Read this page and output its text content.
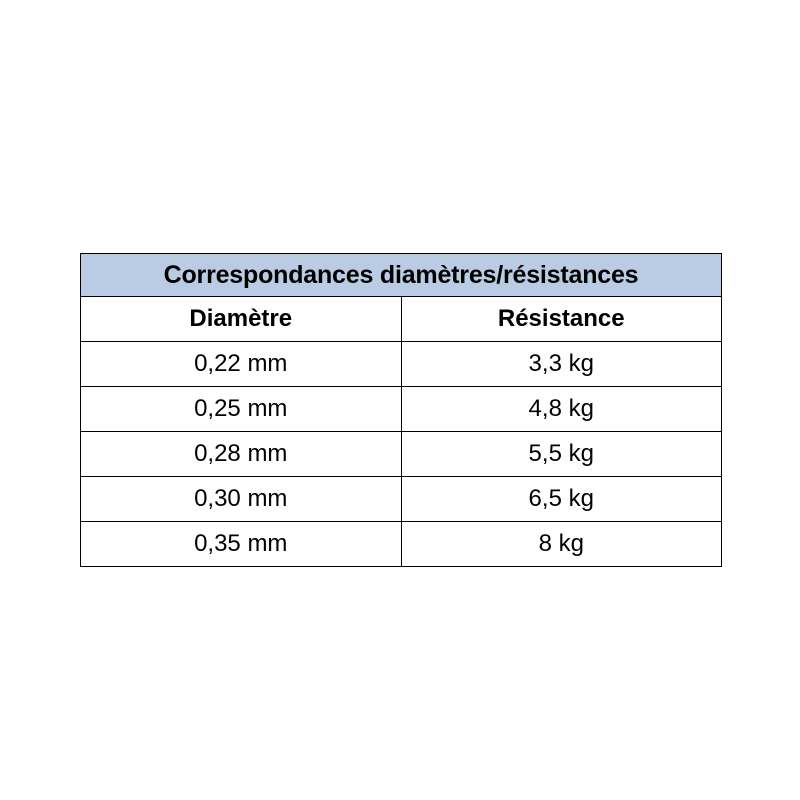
Correspondances diamètres/résistances	
Diamètre	Résistance
0,22 mm	3,3 kg
0,25 mm	4,8 kg
0,28 mm	5,5 kg
0,30 mm	6,5 kg
0,35 mm	8 kg
